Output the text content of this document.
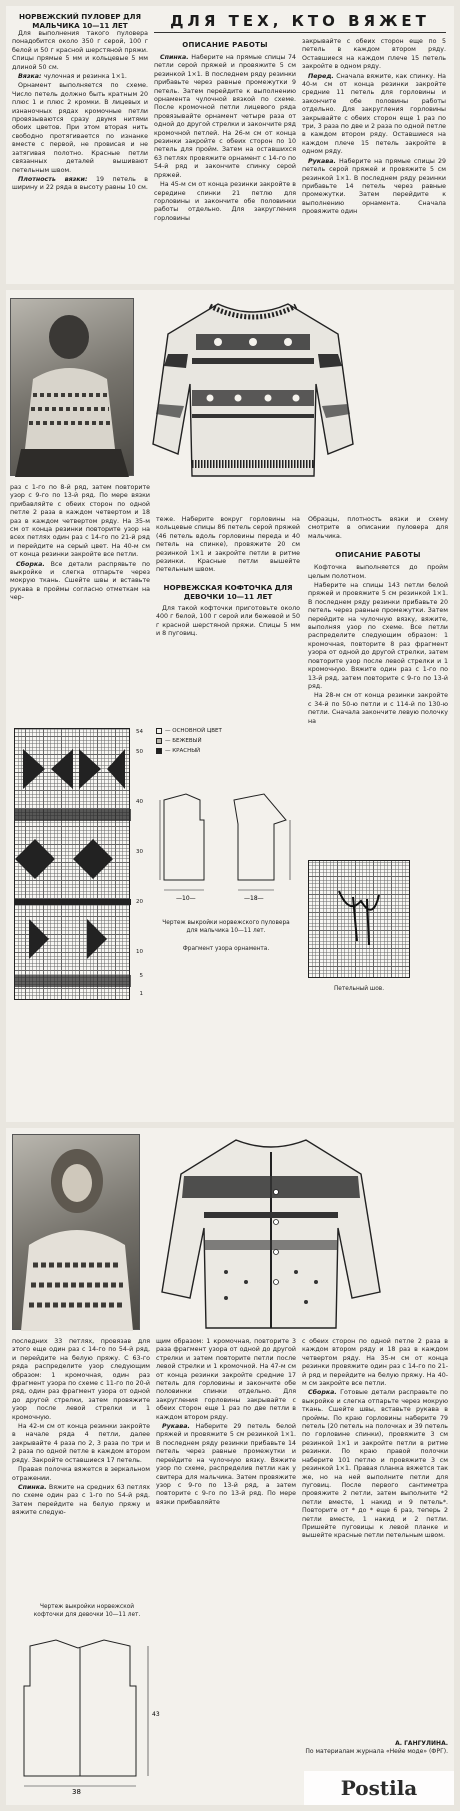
ДЛЯ ТЕХ, КТО ВЯЖЕТ
НОРВЕЖСКИЙ ПУЛОВЕР ДЛЯ МАЛЬЧИКА 10—11 ЛЕТ

Для выполнения такого пуловера понадобится около 350 г серой, 100 г белой и 50 г красной шерстяной пряжи. Спицы прямые 5 мм и кольцевые 5 мм длиной 50 см.

Вязка: чулочная и резинка 1×1.

Орнамент выполняется по схеме. Число петель должно быть кратным 20 плюс 1 и плюс 2 кромки. В лицевых и изнаночных рядах кромочные петли провязываются сразу двумя нитями обоих цветов. При этом вторая нить свободно протягивается по изнанке вместе с первой, не провисая и не затягивая полотно. Красные петли связанных деталей вышивают петельным швом.

Плотность вязки: 19 петель в ширину и 22 ряда в высоту равны 10 см.

ОПИСАНИЕ РАБОТЫ

Спинка. Наберите на прямые спицы 74 петли серой пряжей и провяжите 5 см резинкой 1×1. В последнем ряду резинки прибавьте через равные промежутки 9 петель. Затем перейдите к выполнению орнамента чулочной вязкой по схеме. После кромочной петли лицевого ряда провязывайте орнамент четыре раза от одной до другой стрелки и закончите ряд кромочной петлей. На 26-м см от конца резинки закройте с обеих сторон по 10 петель для пройм. Затем на оставшихся 63 петлях провяжите орнамент с 14-го по 54-й ряд и закончите спинку серой пряжей.

На 45-м см от конца резинки закройте в середине спинки 21 петлю для горловины и закончите обе половинки работы отдельно. Для закругления горловины

закрывайте с обеих сторон еще по 5 петель в каждом втором ряду. Оставшиеся на каждом плече 15 петель закройте в одном ряду.

Перед. Сначала вяжите, как спинку. На 40-м см от конца резинки закройте средние 11 петель для горловины и закончите обе половины работы отдельно. Для закругления горловины закрывайте с обеих сторон еще 1 раз по три, 3 раза по две и 2 раза по одной петле в каждом втором ряду. Оставшиеся на каждом плече 15 петель закройте в одном ряду.

Рукава. Наберите на прямые спицы 29 петель серой пряжей и провяжите 5 см резинкой 1×1. В последнем ряду резинки прибавьте 14 петель через равные промежутки. Затем перейдите к выполнению орнамента. Сначала провяжите один

раз с 1-го по 8-й ряд, затем повторите узор с 9-го по 13-й ряд. По мере вязки прибавляйте с обеих сторон по одной петле 2 раза в каждом четвертом и 18 раз в каждом четвертом ряду. На 35-м см от конца резинки повторите узор на всех петлях один раз с 14-го по 21-й ряд и перейдите на серый цвет. На 40-м см от конца резинки закройте все петли.

Сборка. Все детали распрявьте по выкройке и слегка отпарьте через мокрую ткань. Сшейте швы и вставьте рукава в проймы согласно отметкам на чер-

теже. Наберите вокруг горловины на кольцевые спицы 86 петель серой пряжей (46 петель вдоль горловины переда и 40 петель на спинке), провяжите 20 см резинкой 1×1 и закройте петли в ритме резинки. Красные петли вышейте петельным швом.

НОРВЕЖСКАЯ КОФТОЧКА ДЛЯ ДЕВОЧКИ 10—11 ЛЕТ

Для такой кофточки приготовьте около 400 г белой, 100 г серой или бежевой и 50 г красной шерстяной пряжи. Спицы 5 мм и 8 пуговиц.

Образцы, плотность вязки и схему смотрите в описании пуловера для мальчика.

ОПИСАНИЕ РАБОТЫ

Кофточка выполняется до пройм целым полотном.

Наберите на спицы 143 петли белой пряжей и провяжите 5 см резинкой 1×1. В последнем ряду резинки прибавьте 20 петель через равные промежутки. Затем перейдите на чулочную вязку, вяжите, выполняя узор по схеме. Все петли распределите следующим образом: 1 кромочная, повторите 8 раз фрагмент узора от одной до другой стрелки, затем повторите узор после левой стрелки и 1 кромочную. Вяжите один раз с 1-го по 13-й ряд, затем повторите с 9-го по 13-й ряд.

На 28-м см от конца резинки закройте с 34-й по 50-ю петли и с 114-й по 130-ю петли. Сначала закончите левую полочку на

54
50
40
30
20
10
5
1
— ОСНОВНОЙ ЦВЕТ
— БЕЖЕВЫЙ
— КРАСНЫЙ
—10—	—18—
Чертеж выкройки норвежского пуловера для мальчика 10—11 лет.
Фрагмент узора орнамента.
Петельный шов.

последних 33 петлях, провязав для этого еще один раз с 14-го по 54-й ряд, и перейдите на белую пряжу. С 63-го ряда распределите узор следующим образом: 1 кромочная, один раз фрагмент узора по схеме с 11-го по 20-й ряд, один раз фрагмент узора от одной до другой стрелки, затем провяжите узор после левой стрелки и 1 кромочную.

На 42-м см от конца резинки закройте в начале ряда 4 петли, далее закрывайте 4 раза по 2, 3 раза по три и 2 раза по одной петле в каждом втором ряду. Закройте оставшиеся 17 петель.

Правая полочка вяжется в зеркальном отражении.

Спинка. Вяжите на средних 63 петлях по схеме один раз с 1-го по 54-й ряд. Затем перейдите на белую пряжу и вяжите следую-

щим образом: 1 кромочная, повторите 3 раза фрагмент узора от одной до другой стрелки и затем повторите петли после левой стрелки и 1 кромочной. На 47-м см от конца резинки закройте средние 17 петель для горловины и закончите обе половинки спинки отдельно. Для закругления горловины закрывайте с обеих сторон еще 1 раз по две петли в каждом втором ряду.

Рукава. Наберите 29 петель белой пряжей и провяжите 5 см резинкой 1×1. В последнем ряду резинки прибавьте 14 петель через равные промежутки и перейдите на чулочную вязку. Вяжите узор по схеме, распределив петли как у свитера для мальчика. Затем провяжите узор с 9-го по 13-й ряд, а затем повторите с 9-го по 13-й ряд. По мере вязки прибавляйте

с обеих сторон по одной петле 2 раза в каждом втором ряду и 18 раз в каждом четвертом ряду. На 35-м см от конца резинки провяжите один раз с 14-го по 21-й ряд и перейдите на белую пряжу. На 40-м см закройте все петли.

Сборка. Готовые детали расправьте по выкройке и слегка отпарьте через мокрую ткань. Сшейте швы, вставьте рукава в проймы. По краю горловины наберите 79 петель (20 петель на полочках и 39 петель по горловине спинки), провяжите 3 см резинкой 1×1 и закройте петли в ритме резинки. По краю правой полочки наберите 101 петлю и провяжите 3 см резинкой 1×1. Правая планка вяжется так же, но на ней выполните петли для пуговиц. После первого сантиметра провяжите 2 петли, затем выполните *2 петли вместе, 1 накид и 9 петель*. Повторите от * до * еще 6 раз, теперь 2 петли вместе, 1 накид и 2 петли. Пришейте пуговицы к левой планке и вышейте красные петли петельным швом.

Чертеж выкройки норвежской кофточки для девочки 10—11 лет.
38
43
А. ГАНГУЛИНА.
По материалам журнала «Нейе моде» (ФРГ).
Postila
